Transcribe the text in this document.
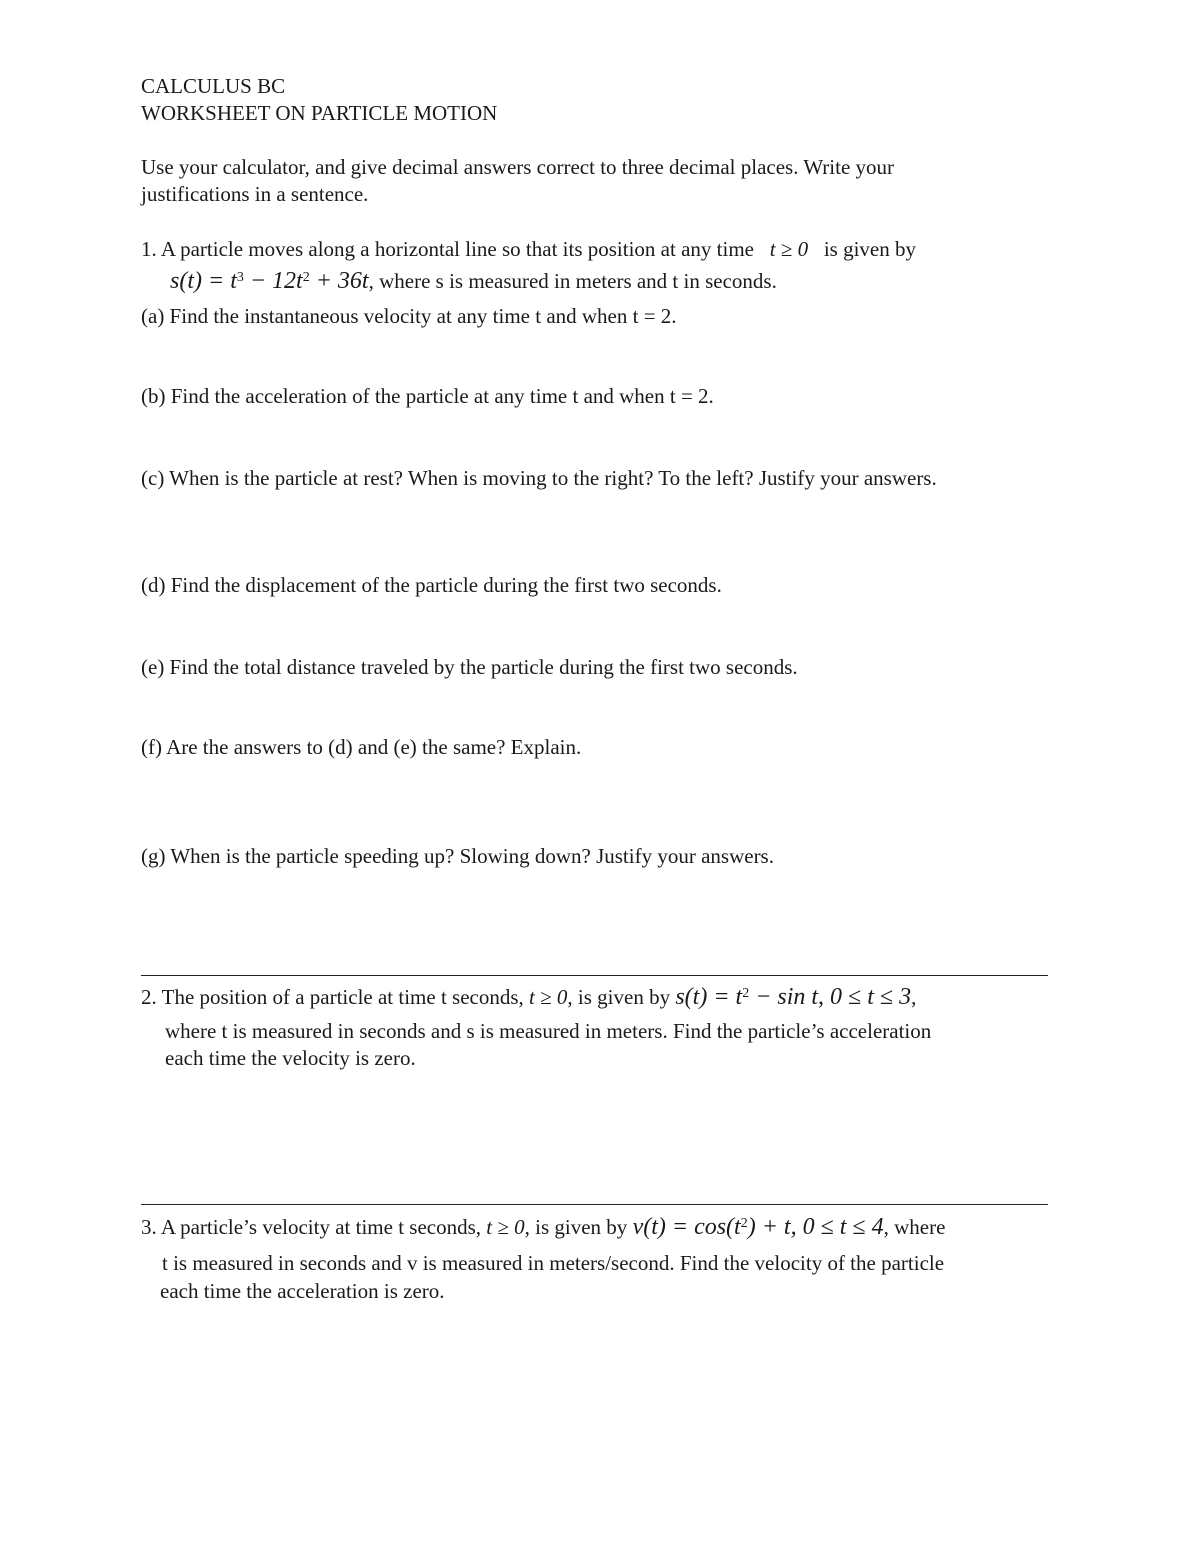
CALCULUS BC
WORKSHEET ON PARTICLE MOTION
Use your calculator, and give decimal answers correct to three decimal places. Write your
justifications in a sentence.
1. A particle moves along a horizontal line so that its position at any time t ≥ 0 is given by
$s(t) = t^3 - 12t^2 + 36t$, where s is measured in meters and t in seconds.
(a) Find the instantaneous velocity at any time t and when t = 2.
(b) Find the acceleration of the particle at any time t and when t = 2.
(c) When is the particle at rest? When is moving to the right? To the left? Justify your answers.
(d) Find the displacement of the particle during the first two seconds.
(e) Find the total distance traveled by the particle during the first two seconds.
(f) Are the answers to (d) and (e) the same? Explain.
(g) When is the particle speeding up? Slowing down? Justify your answers.
2. The position of a particle at time t seconds, t ≥ 0, is given by $s(t) = t^2 - \sin t$, 0 ≤ t ≤ 3,
where t is measured in seconds and s is measured in meters. Find the particle’s acceleration
each time the velocity is zero.
3. A particle’s velocity at time t seconds, t ≥ 0, is given by $v(t) = \cos(t^2) + t$, 0 ≤ t ≤ 4, where
t is measured in seconds and v is measured in meters/second. Find the velocity of the particle
each time the acceleration is zero.
